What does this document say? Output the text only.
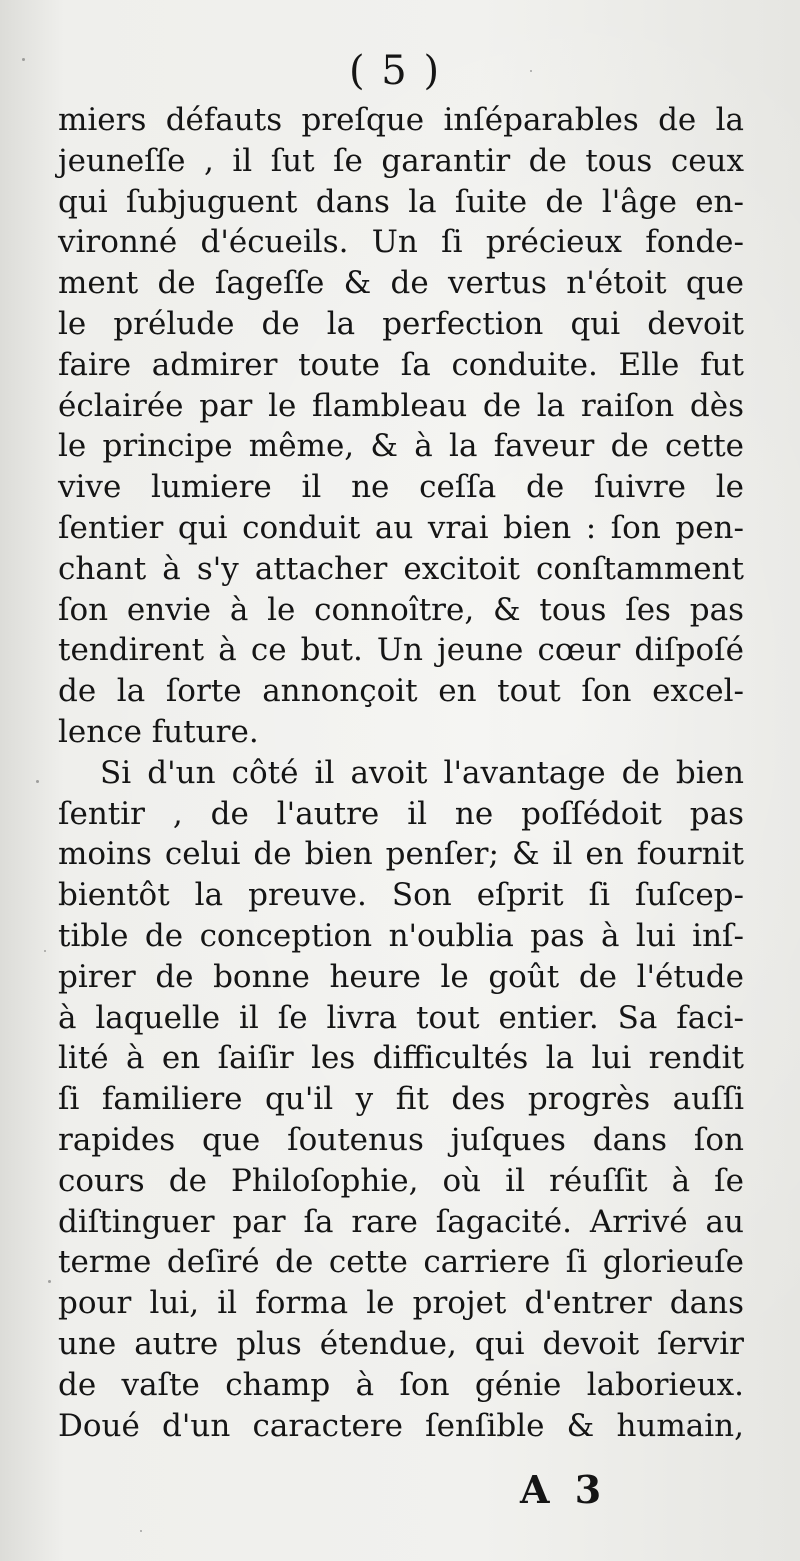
( 5 )
miers défauts preſque inſéparables de la
jeuneſſe , il ſut ſe garantir de tous ceux
qui ſubjuguent dans la ſuite de l'âge en-
vironné d'écueils. Un ſi précieux fonde-
ment de ſageſſe & de vertus n'étoit que
le prélude de la perfection qui devoit
faire admirer toute ſa conduite. Elle fut
éclairée par le flambleau de la raiſon dès
le principe même, & à la faveur de cette
vive lumiere il ne ceſſa de ſuivre le
ſentier qui conduit au vrai bien : ſon pen-
chant à s'y attacher excitoit conſtamment
ſon envie à le connoître, & tous ſes pas
tendirent à ce but. Un jeune cœur diſpoſé
de la ſorte annonçoit en tout ſon excel-
lence future.
Si d'un côté il avoit l'avantage de bien
ſentir , de l'autre il ne poſſédoit pas
moins celui de bien penſer; & il en fournit
bientôt la preuve. Son eſprit ſi ſuſcep-
tible de conception n'oublia pas à lui inſ-
pirer de bonne heure le goût de l'étude
à laquelle il ſe livra tout entier. Sa faci-
lité à en ſaiſir les difficultés la lui rendit
ſi familiere qu'il y fit des progrès auſſi
rapides que ſoutenus juſques dans ſon
cours de Philoſophie, où il réuſſit à ſe
diſtinguer par ſa rare ſagacité. Arrivé au
terme deſiré de cette carriere ſi glorieuſe
pour lui, il forma le projet d'entrer dans
une autre plus étendue, qui devoit ſervir
de vaſte champ à ſon génie laborieux.
Doué d'un caractere ſenſible & humain,
A 3
